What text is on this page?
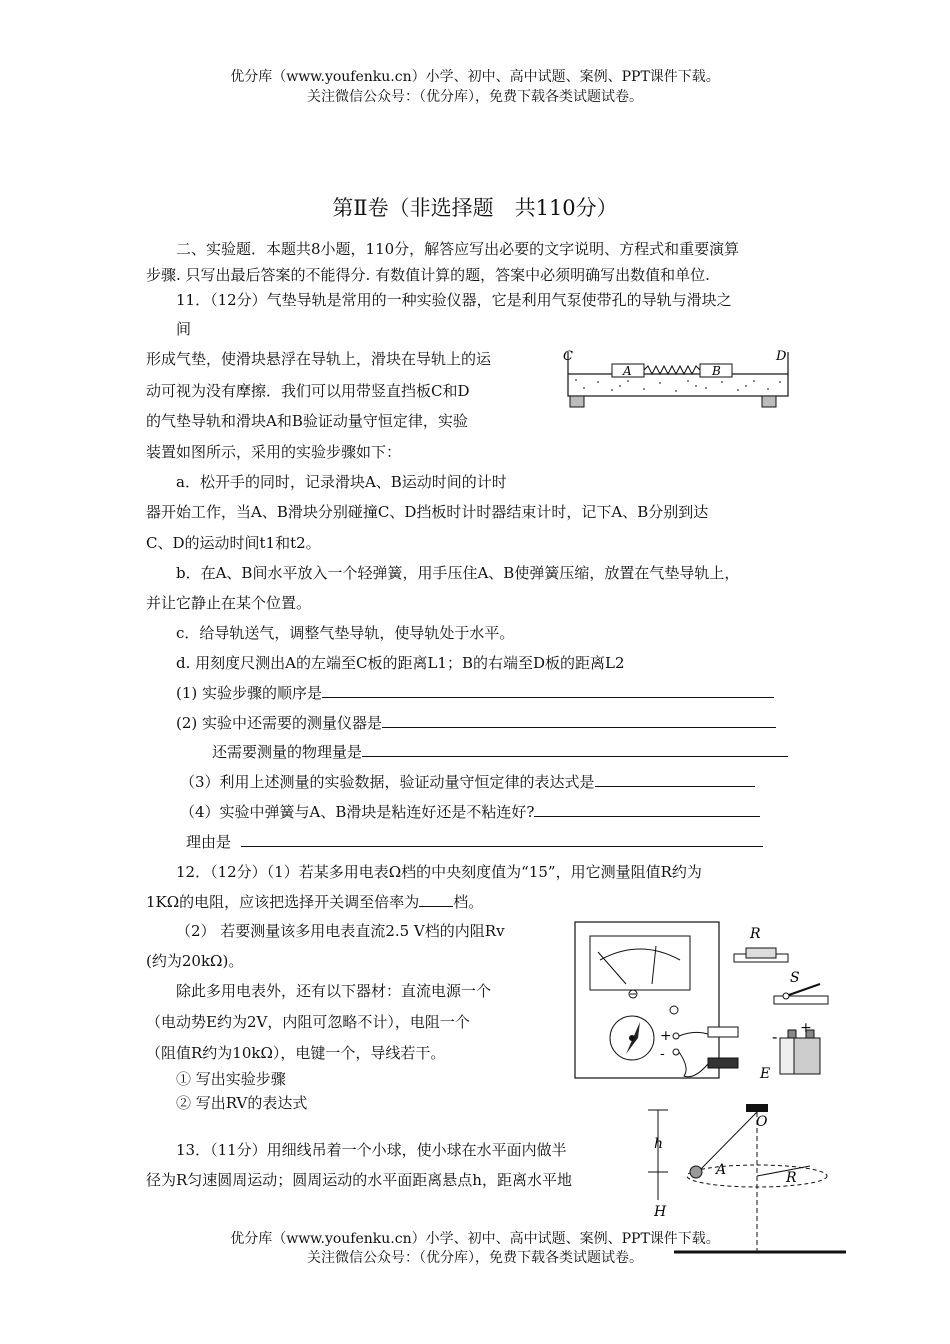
优分库（www.youfenku.cn）小学、初中、高中试题、案例、PPT课件下载。
关注微信公众号：（优分库），免费下载各类试题试卷。
第Ⅱ卷（非选择题　共110分）
二、实验题．本题共8小题，110分，解答应写出必要的文字说明、方程式和重要演算
步骤. 只写出最后答案的不能得分. 有数值计算的题，答案中必须明确写出数值和单位.
11．（12分）气垫导轨是常用的一种实验仪器，它是利用气泵使带孔的导轨与滑块之
间
形成气垫，使滑块悬浮在导轨上，滑块在导轨上的运
动可视为没有摩擦．我们可以用带竖直挡板C和D
的气垫导轨和滑块A和B验证动量守恒定律，实验
装置如图所示，采用的实验步骤如下：
a．松开手的同时，记录滑块A、B运动时间的计时
器开始工作，当A、B滑块分别碰撞C、D挡板时计时器结束计时，记下A、B分别到达
C、D的运动时间t1和t2。
b．在A、B间水平放入一个轻弹簧，用手压住A、B使弹簧压缩，放置在气垫导轨上，
并让它静止在某个位置。
c．给导轨送气，调整气垫导轨，使导轨处于水平。
d. 用刻度尺测出A的左端至C板的距离L1；B的右端至D板的距离L2
(1) 实验步骤的顺序是
(2) 实验中还需要的测量仪器是
还需要测量的物理量是
（3）利用上述测量的实验数据，验证动量守恒定律的表达式是
（4）实验中弹簧与A、B滑块是粘连好还是不粘连好?
理由是
C	D
A	B
12．（12分）（1）若某多用电表Ω档的中央刻度值为“15”，用它测量阻值R约为
1KΩ的电阻，应该把选择开关调至倍率为 档。
（2） 若要测量该多用电表直流2.5 V档的内阻Rv
(约为20kΩ)。
除此多用电表外，还有以下器材：直流电源一个
（电动势E约为2V，内阻可忽略不计），电阻一个
（阻值R约为10kΩ），电键一个，导线若干。
① 写出实验步骤
② 写出RV的表达式
+
-
R
S
- +
E
13．（11分）用细线吊着一个小球，使小球在水平面内做半
径为R匀速圆周运动；圆周运动的水平面距离悬点h，距离水平地
O
h
H
A	R
优分库（www.youfenku.cn）小学、初中、高中试题、案例、PPT课件下载。
关注微信公众号：（优分库），免费下载各类试题试卷。
